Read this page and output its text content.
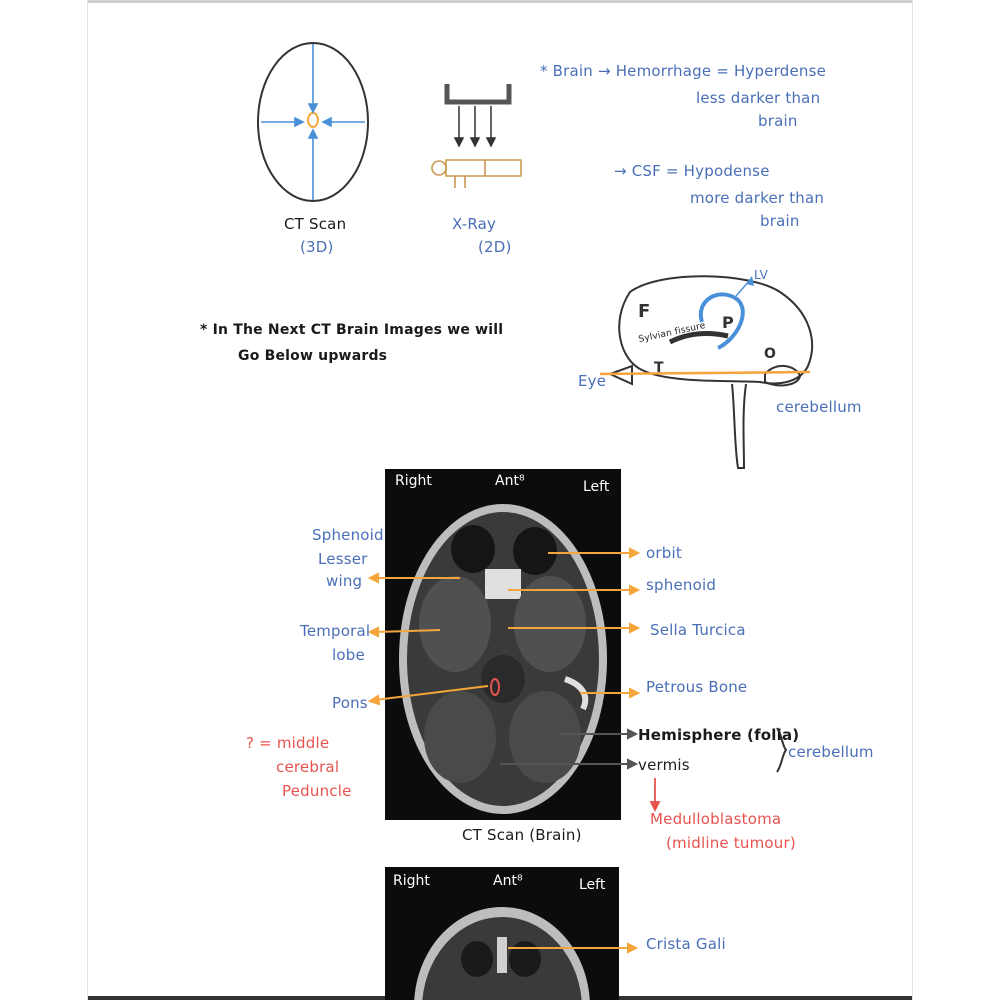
CT Scan
(3D)
X-Ray
(2D)
* Brain → Hemorrhage = Hyperdense
less darker than
brain
→ CSF = Hypodense
more darker than
brain
* In The Next CT Brain Images we will
Go Below upwards
F
P
O
T
LV
Sylvian fissure
Eye
cerebellum
Right	Ant⁸	Left
Sphenoid
Lesser
wing
Temporal
lobe
Pons
orbit
sphenoid
Sella Turcica
Petrous Bone
Hemisphere (folia)
vermis
cerebellum
? = middle
cerebral
Peduncle
Medulloblastoma
(midline tumour)
CT Scan (Brain)
Right	Ant⁸	Left
Crista Gali
